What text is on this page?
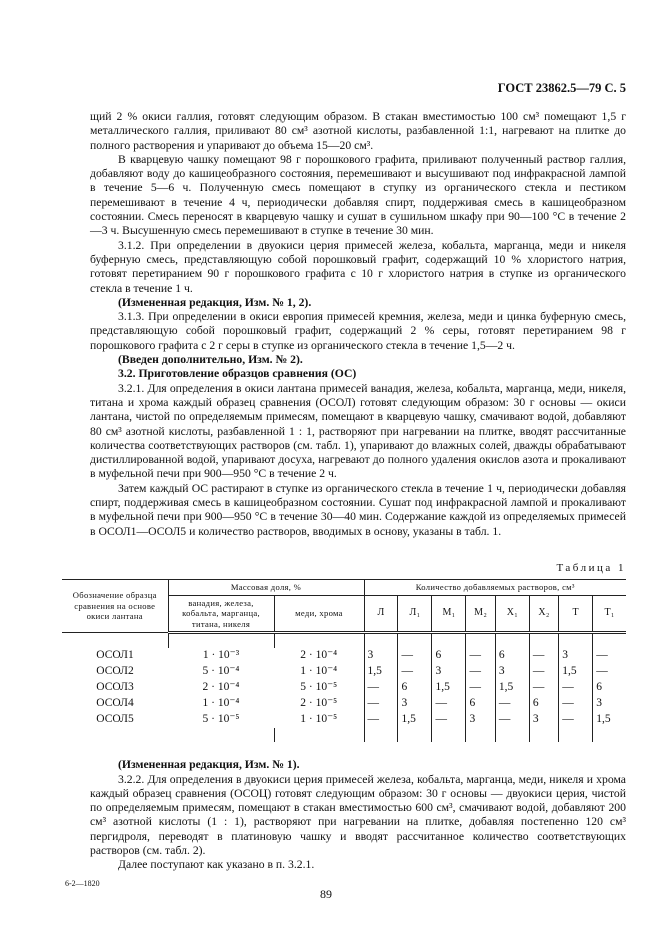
ГОСТ 23862.5—79 С. 5

щий 2 % окиси галлия, готовят следующим образом. В стакан вместимостью 100 см³ помещают 1,5 г металлического галлия, приливают 80 см³ азотной кислоты, разбавленной 1:1, нагревают на плитке до полного растворения и упаривают до объема 15—20 см³.

В кварцевую чашку помещают 98 г порошкового графита, приливают полученный раствор галлия, добавляют воду до кашицеобразного состояния, перемешивают и высушивают под инфракрасной лампой в течение 5—6 ч. Полученную смесь помещают в ступку из органического стекла и пестиком перемешивают в течение 4 ч, периодически добавляя спирт, поддерживая смесь в кашицеобразном состоянии. Смесь переносят в кварцевую чашку и сушат в сушильном шкафу при 90—100 °С в течение 2—3 ч. Высушенную смесь перемешивают в ступке в течение 30 мин.

3.1.2. При определении в двуокиси церия примесей железа, кобальта, марганца, меди и никеля буферную смесь, представляющую собой порошковый графит, содержащий 10 % хлористого натрия, готовят перетиранием 90 г порошкового графита с 10 г хлористого натрия в ступке из органического стекла в течение 1 ч.

(Измененная редакция, Изм. № 1, 2).

3.1.3. При определении в окиси европия примесей кремния, железа, меди и цинка буферную смесь, представляющую собой порошковый графит, содержащий 2 % серы, готовят перетиранием 98 г порошкового графита с 2 г серы в ступке из органического стекла в течение 1,5—2 ч.

(Введен дополнительно, Изм. № 2).

3.2. Приготовление образцов сравнения (ОС)

3.2.1. Для определения в окиси лантана примесей ванадия, железа, кобальта, марганца, меди, никеля, титана и хрома каждый образец сравнения (ОСОЛ) готовят следующим образом: 30 г основы — окиси лантана, чистой по определяемым примесям, помещают в кварцевую чашку, смачивают водой, добавляют 80 см³ азотной кислоты, разбавленной 1 : 1, растворяют при нагревании на плитке, вводят рассчитанные количества соответствующих растворов (см. табл. 1), упаривают до влажных солей, дважды обрабатывают дистиллированной водой, упаривают досуха, нагревают до полного удаления окислов азота и прокаливают в муфельной печи при 900—950 °С в течение 2 ч.

Затем каждый ОС растирают в ступке из органического стекла в течение 1 ч, периодически добавляя спирт, поддерживая смесь в кашицеобразном состоянии. Сушат под инфракрасной лампой и прокаливают в муфельной печи при 900—950 °С в течение 30—40 мин. Содержание каждой из определяемых примесей в ОСОЛ1—ОСОЛ5 и количество растворов, вводимых в основу, указаны в табл. 1.

Таблица 1
Обозначение образца сравнения на основе окиси лантана	Массовая доля, %		Количество добавляемых растворов, см³							
	ванадия, железа, кобальта, марганца, титана, никеля	меди, хрома	Л	Л₁	М₁	М₂	Х₁	Х₂	Т	Т₁

ОСОЛ1	1 · 10⁻³	2 · 10⁻⁴	3	—	6	—	6	—	3	—
ОСОЛ2	5 · 10⁻⁴	1 · 10⁻⁴	1,5	—	3	—	3	—	1,5	—
ОСОЛ3	2 · 10⁻⁴	5 · 10⁻⁵	—	6	1,5	—	1,5	—	—	6
ОСОЛ4	1 · 10⁻⁴	2 · 10⁻⁵	—	3	—	6	—	6	—	3
ОСОЛ5	5 · 10⁻⁵	1 · 10⁻⁵	—	1,5	—	3	—	3	—	1,5

(Измененная редакция, Изм. № 1).

3.2.2. Для определения в двуокиси церия примесей железа, кобальта, марганца, меди, никеля и хрома каждый образец сравнения (ОСОЦ) готовят следующим образом: 30 г основы — двуокиси церия, чистой по определяемым примесям, помещают в стакан вместимостью 600 см³, смачивают водой, добавляют 200 см³ азотной кислоты (1 : 1), растворяют при нагревании на плитке, добавляя постепенно 120 см³ пергидроля, переводят в платиновую чашку и вводят рассчитанное количество соответствующих растворов (см. табл. 2).

Далее поступают как указано в п. 3.2.1.

6-2—1820
89
